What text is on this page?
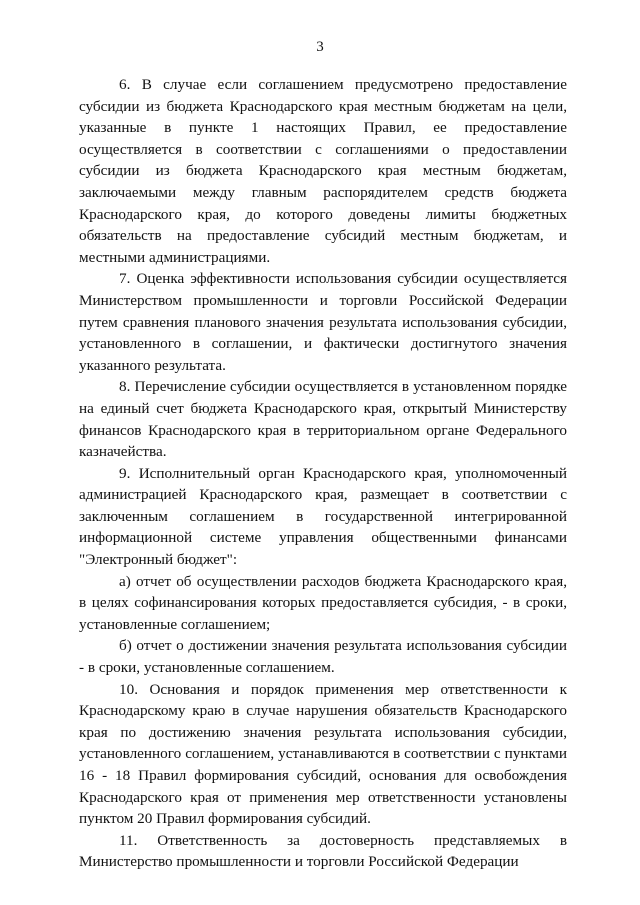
3

6. В случае если соглашением предусмотрено предоставление субсидии из бюджета Краснодарского края местным бюджетам на цели, указанные в пункте 1 настоящих Правил, ее предоставление осуществляется в соответствии с соглашениями о предоставлении субсидии из бюджета Краснодарского края местным бюджетам, заключаемыми между главным распорядителем средств бюджета Краснодарского края, до которого доведены лимиты бюджетных обязательств на предоставление субсидий местным бюджетам, и местными администрациями.

7. Оценка эффективности использования субсидии осуществляется Министерством промышленности и торговли Российской Федерации путем сравнения планового значения результата использования субсидии, установленного в соглашении, и фактически достигнутого значения указанного результата.

8. Перечисление субсидии осуществляется в установленном порядке на единый счет бюджета Краснодарского края, открытый Министерству финансов Краснодарского края в территориальном органе Федерального казначейства.

9. Исполнительный орган Краснодарского края, уполномоченный администрацией Краснодарского края, размещает в соответствии с заключенным соглашением в государственной интегрированной информационной системе управления общественными финансами "Электронный бюджет":

а) отчет об осуществлении расходов бюджета Краснодарского края, в целях софинансирования которых предоставляется субсидия, - в сроки, установленные соглашением;

б) отчет о достижении значения результата использования субсидии - в сроки, установленные соглашением.

10. Основания и порядок применения мер ответственности к Краснодарскому краю в случае нарушения обязательств Краснодарского края по достижению значения результата использования субсидии, установленного соглашением, устанавливаются в соответствии с пунктами 16 - 18 Правил формирования субсидий, основания для освобождения Краснодарского края от применения мер ответственности установлены пунктом 20 Правил формирования субсидий.

11. Ответственность за достоверность представляемых в Министерство промышленности и торговли Российской Федерации
